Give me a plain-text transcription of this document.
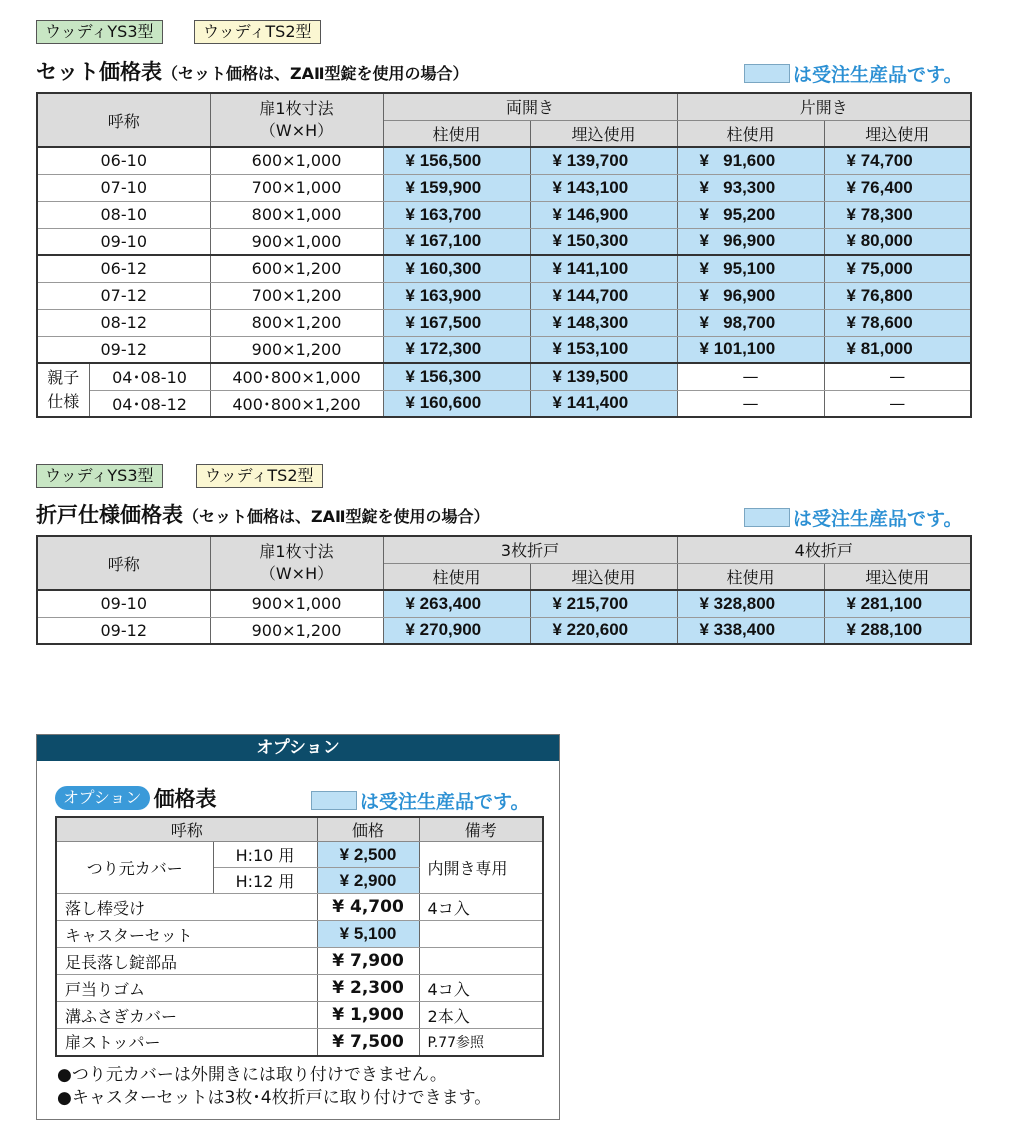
ウッディYS3型	ウッディTS2型
セット価格表（セット価格は、ZAⅡ型錠を使用の場合）	は受注生産品です。
呼称		扉1枚寸法
（W×H）	両開き		片開き	
			柱使用	埋込使用	柱使用	埋込使用
06-10		600×1,000	¥ 156,500	¥ 139,700	¥   91,600	¥ 74,700
07-10		700×1,000	¥ 159,900	¥ 143,100	¥   93,300	¥ 76,400
08-10		800×1,000	¥ 163,700	¥ 146,900	¥   95,200	¥ 78,300
09-10		900×1,000	¥ 167,100	¥ 150,300	¥   96,900	¥ 80,000
06-12		600×1,200	¥ 160,300	¥ 141,100	¥   95,100	¥ 75,000
07-12		700×1,200	¥ 163,900	¥ 144,700	¥   96,900	¥ 76,800
08-12		800×1,200	¥ 167,500	¥ 148,300	¥   98,700	¥ 78,600
09-12		900×1,200	¥ 172,300	¥ 153,100	¥ 101,100	¥ 81,000

親子
仕様	04･08-10	400･800×1,000	¥ 156,300	¥ 139,500	—	—
	04･08-12	400･800×1,200	¥ 160,600	¥ 141,400	—	—
ウッディYS3型	ウッディTS2型
折戸仕様価格表（セット価格は、ZAⅡ型錠を使用の場合）	は受注生産品です。
呼称	扉1枚寸法
（W×H）	3枚折戸		4枚折戸	
		柱使用	埋込使用	柱使用	埋込使用
09-10	900×1,000	¥ 263,400	¥ 215,700	¥ 328,800	¥ 281,100
09-12	900×1,200	¥ 270,900	¥ 220,600	¥ 338,400	¥ 288,100
オプション
オプション 価格表	は受注生産品です。
呼称		価格	備考
つり元カバー	H:10 用	¥ 2,500	内開き専用
	H:12 用	¥ 2,900	
落し棒受け		¥ 4,700	4コ入
キャスターセット		¥ 5,100	
足長落し錠部品		¥ 7,900	
戸当りゴム		¥ 2,300	4コ入
溝ふさぎカバー		¥ 1,900	2本入
扉ストッパー		¥ 7,500	P.77参照
●つり元カバーは外開きには取り付けできません。
●キャスターセットは3枚･4枚折戸に取り付けできます。
